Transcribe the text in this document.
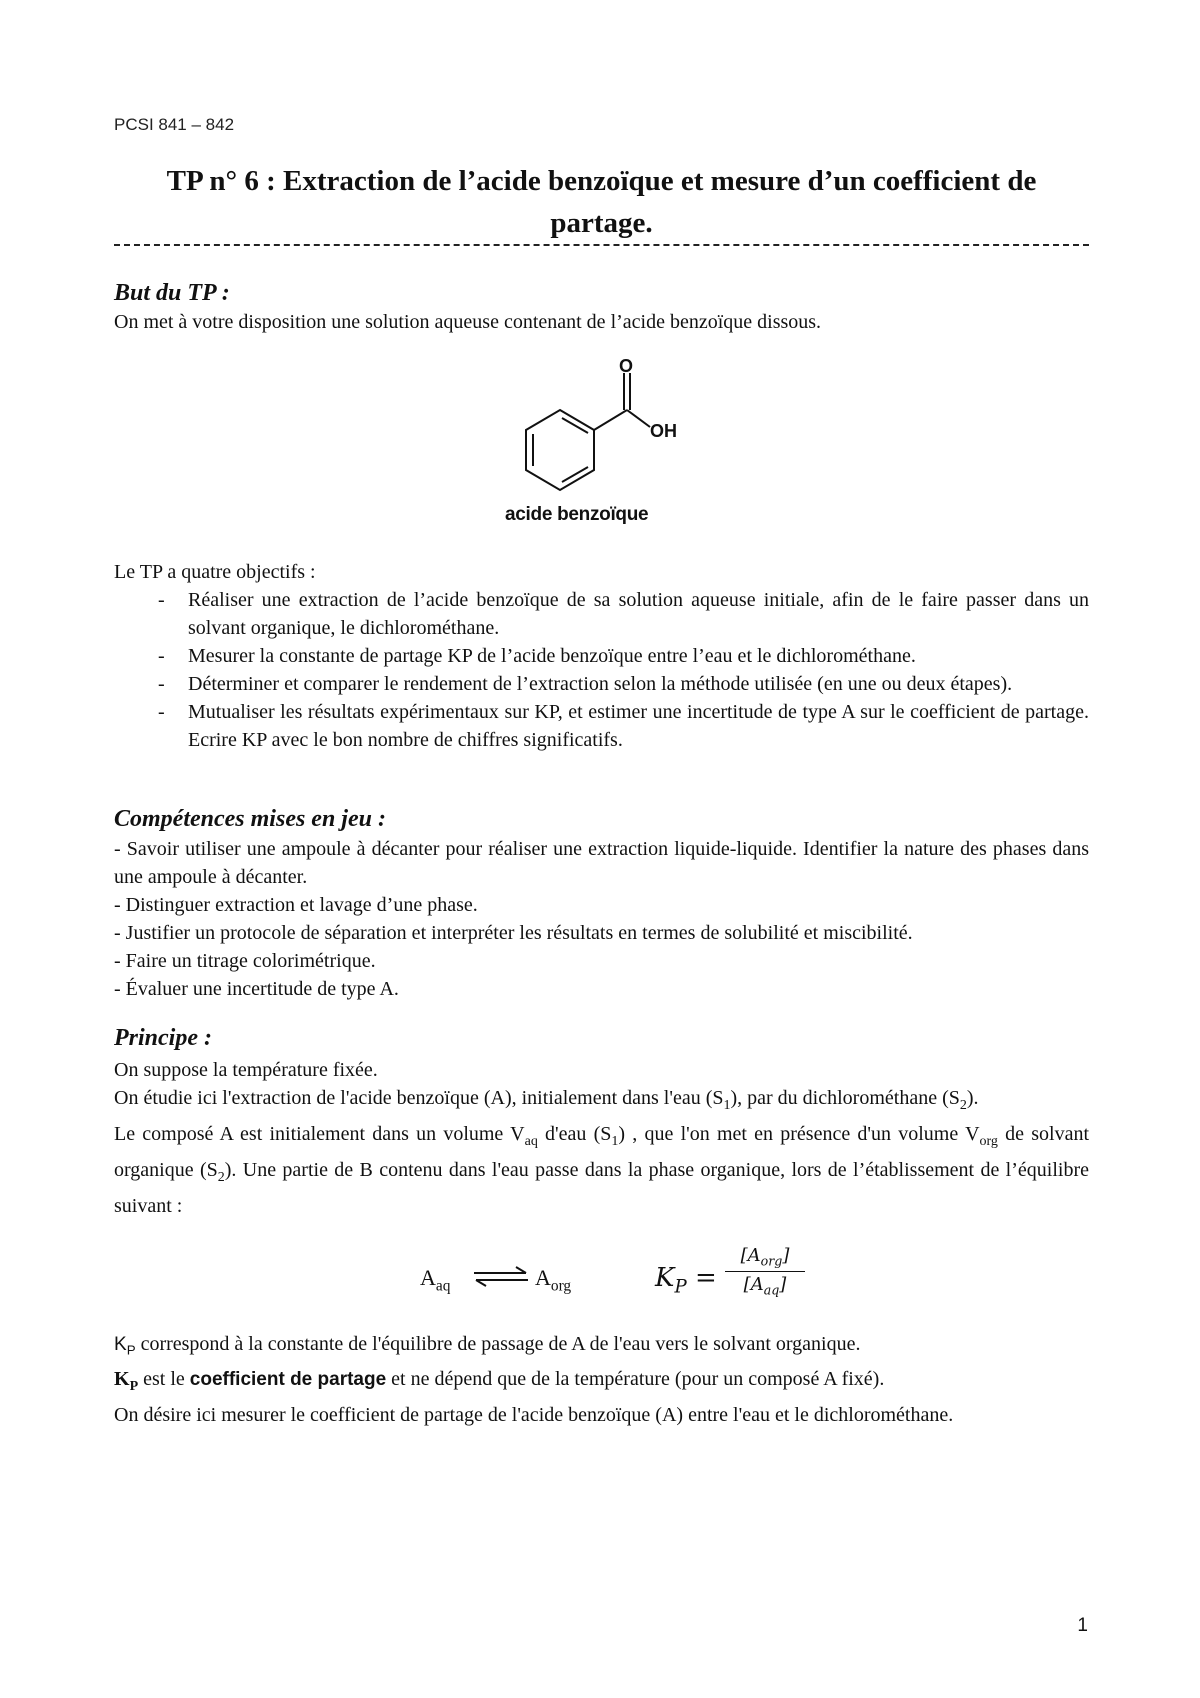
PCSI 841 – 842
TP n° 6 : Extraction de l’acide benzoïque et mesure d’un coefficient de partage.
But du TP :
On met à votre disposition une solution aqueuse contenant de l’acide benzoïque dissous.
O
OH
acide benzoïque
Le TP a quatre objectifs :
- Réaliser une extraction de l’acide benzoïque de sa solution aqueuse initiale, afin de le faire passer dans un solvant organique, le dichlorométhane.
- Mesurer la constante de partage KP de l’acide benzoïque entre l’eau et le dichlorométhane.
- Déterminer et comparer le rendement de l’extraction selon la méthode utilisée (en une ou deux étapes).
- Mutualiser les résultats expérimentaux sur KP, et estimer une incertitude de type A sur le coefficient de partage. Ecrire KP avec le bon nombre de chiffres significatifs.
Compétences mises en jeu :
- Savoir utiliser une ampoule à décanter pour réaliser une extraction liquide-liquide. Identifier la nature des phases dans une ampoule à décanter.
- Distinguer extraction et lavage d’une phase.
- Justifier un protocole de séparation et interpréter les résultats en termes de solubilité et miscibilité.
- Faire un titrage colorimétrique.
- Évaluer une incertitude de type A.
Principe :
On suppose la température fixée.
On étudie ici l'extraction de l'acide benzoïque (A), initialement dans l'eau $(S_1)$, par du dichlorométhane $(S_2)$.
Le composé A est initialement dans un volume $V_{aq}$ d'eau $(S_1)$ , que l'on met en présence d'un volume $V_{org}$ de solvant organique $(S_2)$. Une partie de B contenu dans l'eau passe dans la phase organique, lors de l’établissement de l’équilibre suivant :
$A_{aq}$ ⇌ $A_{org}$	$K_P$ =
$[A_{org}]$
$[A_{aq}]$
$K_P$ correspond à la constante de l'équilibre de passage de A de l'eau vers le solvant organique.
$K_P$ est le coefficient de partage et ne dépend que de la température (pour un composé A fixé).
On désire ici mesurer le coefficient de partage de l'acide benzoïque (A) entre l'eau et le dichlorométhane.
1
